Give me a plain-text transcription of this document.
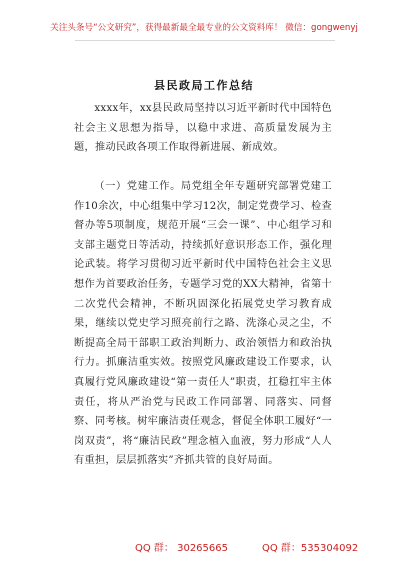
关注头条号“公文研究”，获得最新最全最专业的公文资料库！ 微信：gongwenyj
县民政局工作总结

xxxx年，xx县民政局坚持以习近平新时代中国特色社会主义思想为指导，以稳中求进、高质量发展为主题，推动民政各项工作取得新进展、新成效。

（一）党建工作。局党组全年专题研究部署党建工作10余次，中心组集中学习12次，制定党费学习、检查督办等5项制度，规范开展“三会一课”、中心组学习和支部主题党日等活动，持续抓好意识形态工作，强化理论武装。将学习贯彻习近平新时代中国特色社会主义思想作为首要政治任务，专题学习党的XX大精神，省第十二次党代会精神，不断巩固深化拓展党史学习教育成果，继续以党史学习照亮前行之路、洗涤心灵之尘，不断提高全局干部职工政治判断力、政治领悟力和政治执行力。抓廉洁重实效。按照党风廉政建设工作要求，认真履行党风廉政建设“第一责任人”职责，扛稳扛牢主体责任，将从严治党与民政工作同部署、同落实、同督察、同考核。树牢廉洁责任观念，督促全体职工履好“一岗双责”，将“廉洁民政”理念植入血液，努力形成“人人有重担，层层抓落实”齐抓共管的良好局面。

QQ 群： 30265665	QQ 群：535304092
